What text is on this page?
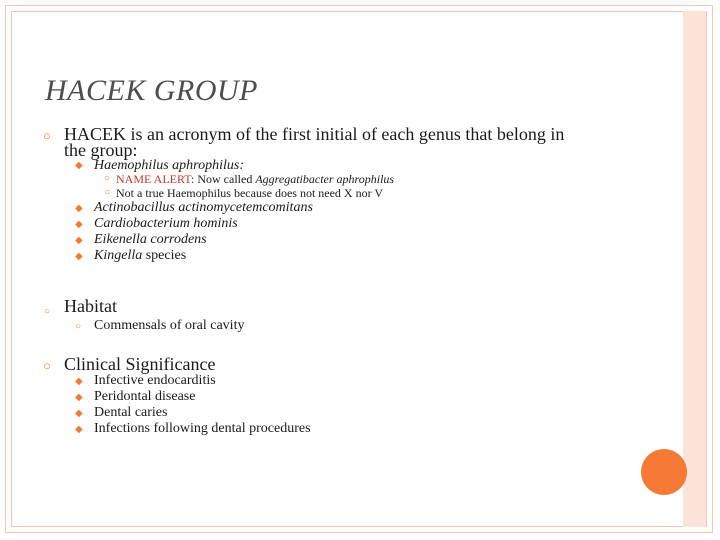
HACEK GROUP
○ HACEK is an acronym of the first initial of each genus that belong in
the group:
◆ Haemophilus aphrophilus:
○ NAME ALERT: Now called Aggregatibacter aphrophilus
○ Not a true Haemophilus because does not need X nor V
◆ Actinobacillus actinomycetemcomitans
◆ Cardiobacterium hominis
◆ Eikenella corrodens
◆ Kingella species
○ Habitat
○ Commensals of oral cavity
○ Clinical Significance
◆ Infective endocarditis
◆ Peridontal disease
◆ Dental caries
◆ Infections following dental procedures
